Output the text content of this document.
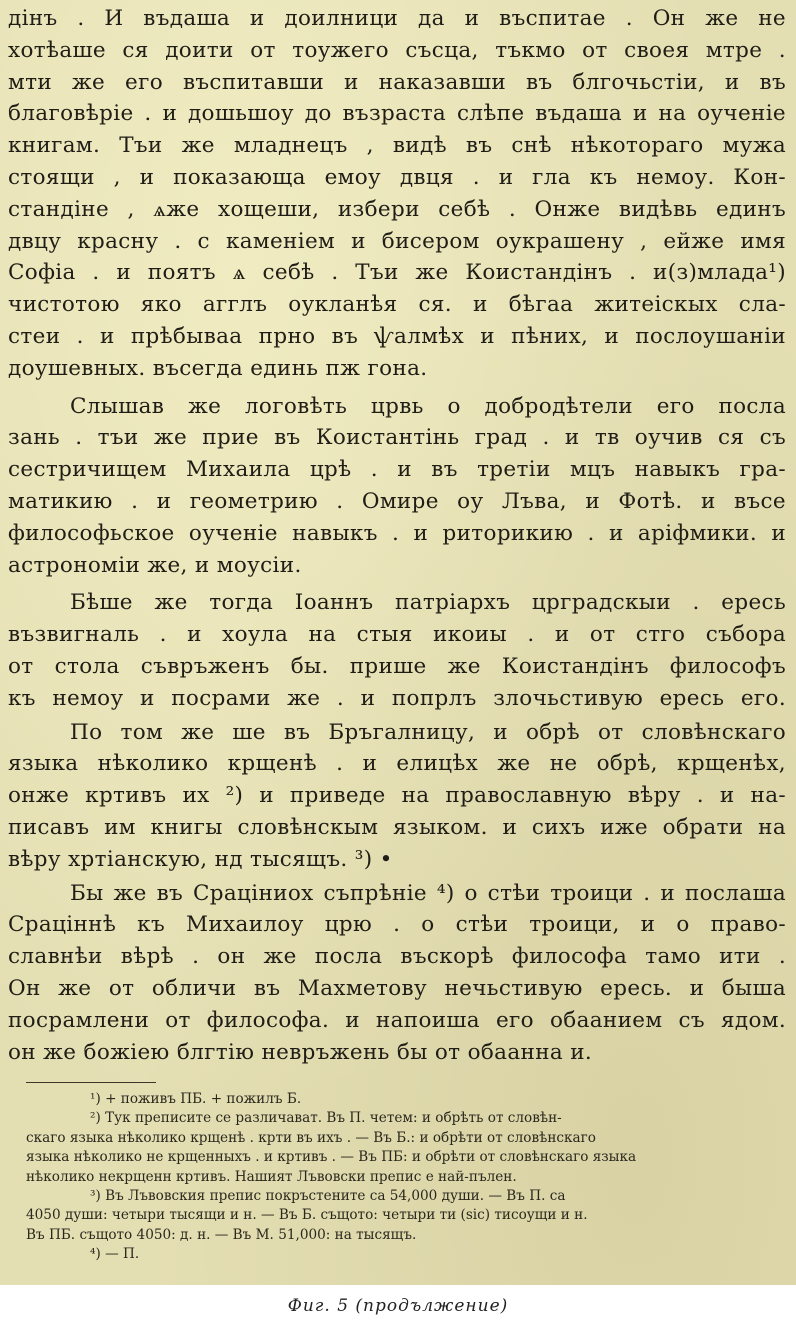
дінъ . И въдаша и доилници да и въспитае . Он же не
хотѣаше ся доити от тоужего съсца, тъкмо от своея мтре .
мти же его въспитавши и наказавши въ блгочьстіи, и въ
благовѣріе . и дошьшоу до възраста слѣпе въдаша и на оученіе
книгам. Тъи же младнецъ , видѣ въ снѣ нѣкотораго мужа
стоящи , и показающа емоу двця . и гла къ немоу. Кон-
стандіне , ѧже хощеши, избери себѣ . Онже видѣвь единъ
двцу красну . с каменіем и бисером оукрашену , ейже имя
Софіа . и поятъ ѧ себѣ . Тъи же Коистандінъ . и(з)млада¹)
чистотою яко агглъ оукланѣя ся. и бѣгаа житеіскых сла-
стеи . и прѣбываа прно въ ѱалмѣх и пѣних, и послоушаніи
доушевных. въсегда единь пж гона.

Слышав же логовѣть црвь о добродѣтели его посла
зань . тъи же прие въ Коистантінь град . и тв оучив ся съ
сестричищем Михаила црѣ . и въ третіи мцъ навыкъ гра-
матикию . и геометрию . Омире оу Лъва, и Фотѣ. и въсе
философьское оученіе навыкъ . и риторикию . и аріфмики. и
астрономіи же, и моусіи.

Бѣше же тогда Іоаннъ патріархъ црградскыи . ересь
възвигналь . и хоула на стыя икоиы . и от стго събора
от стола съвръженъ бы. прише же Коистандінъ философъ
къ немоу и посрами же . и попрлъ злочьстивую ересь его.

По том же ше въ Бръгалницу, и обрѣ от словѣнскаго
языка нѣколико крщенѣ . и елицѣх же не обрѣ, крщенѣх,
онже кртивъ их ²) и приведе на православную вѣру . и на-
писавъ им книгы словѣнскым языком. и сихъ иже обрати на
вѣру хртіанскую, нд тысящъ. ³) •

Бы же въ Сраціниох съпрѣніе ⁴) о стѣи троици . и послаша
Сраціннѣ къ Михаилоу црю . о стѣи троици, и о право-
славнѣи вѣрѣ . он же посла въскорѣ философа тамо ити .
Он же от обличи въ Махметову нечьстивую ересь. и быша
посрамлени от философа. и напоиша его обаанием съ ядом.
он же божіею блгтію невръжень бы от обаанна и.

¹) + поживъ ПБ. + пожилъ Б.
²) Тук преписите се различават. Въ П. четем: и обрѣть от словѣн-
скаго языка нѣколико крщенѣ . крти въ ихъ . — Въ Б.: и обрѣти от словѣнскаго
языка нѣколико не крщенныхъ . и кртивъ . — Въ ПБ: и обрѣти от словѣнскаго языка
нѣколико некрщенн кртивъ. Нашият Лъвовски препис е най-пълен.
³) Въ Лъвовския препис покръстените са 54,000 души. — Въ П. са
4050 души: четыри тысящи и н. — Въ Б. същото: четыри ти (sic) тисоущи и н.
Въ ПБ. същото 4050: д. н. — Въ М. 51,000: на тысящъ.
⁴) — П.
Фиг. 5 (продължение)
